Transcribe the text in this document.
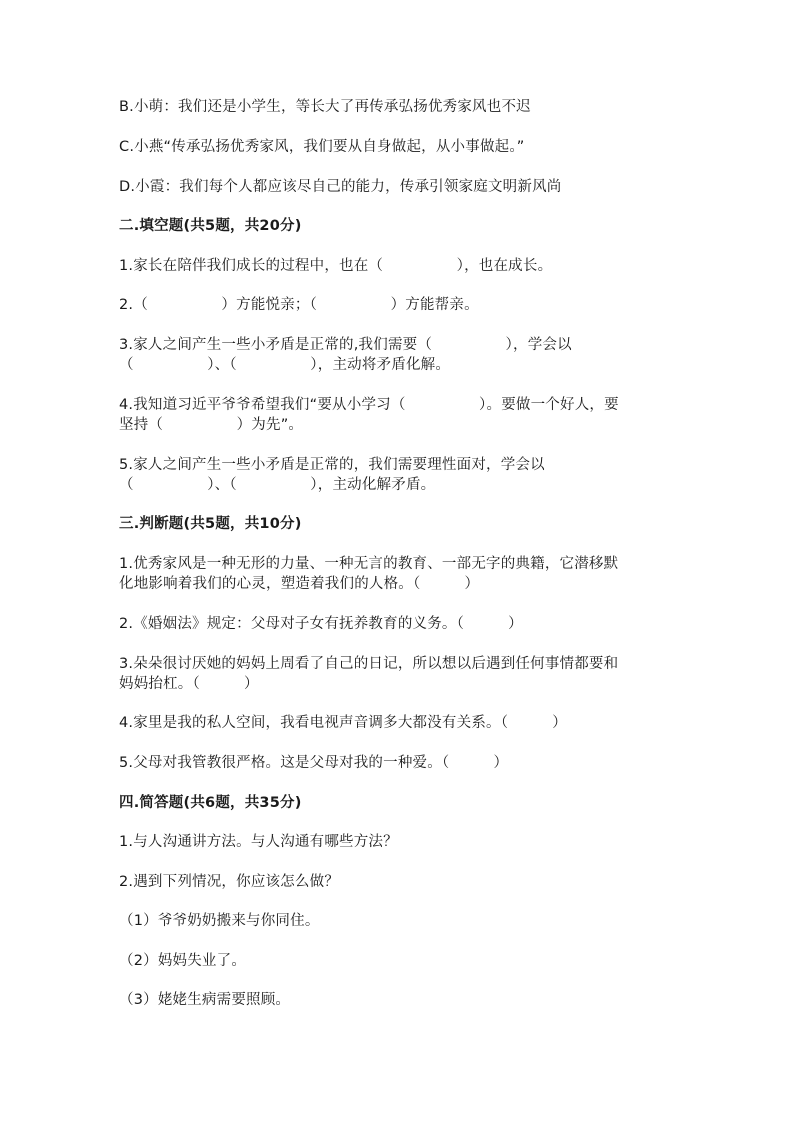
B.小萌：我们还是小学生，等长大了再传承弘扬优秀家风也不迟
C.小燕“传承弘扬优秀家风，我们要从自身做起，从小事做起。”
D.小霞：我们每个人都应该尽自己的能力，传承引领家庭文明新风尚
二.填空题(共5题，共20分)
1.家长在陪伴我们成长的过程中，也在（　　　　　），也在成长。
2.（　　　　　）方能悦亲；（　　　　　）方能帮亲。
3.家人之间产生一些小矛盾是正常的,我们需要（　　　　　），学会以
（　　　　　）、（　　　　　），主动将矛盾化解。
4.我知道习近平爷爷希望我们“要从小学习（　　　　　）。要做一个好人，要
坚持（　　　　　）为先”。
5.家人之间产生一些小矛盾是正常的，我们需要理性面对，学会以
（　　　　　）、（　　　　　），主动化解矛盾。
三.判断题(共5题，共10分)
1.优秀家风是一种无形的力量、一种无言的教育、一部无字的典籍，它潜移默
化地影响着我们的心灵，塑造着我们的人格。（　　　）
2.《婚姻法》规定：父母对子女有抚养教育的义务。（　　　）
3.朵朵很讨厌她的妈妈上周看了自己的日记，所以想以后遇到任何事情都要和
妈妈抬杠。（　　　）
4.家里是我的私人空间，我看电视声音调多大都没有关系。（　　　）
5.父母对我管教很严格。这是父母对我的一种爱。（　　　）
四.简答题(共6题，共35分)
1.与人沟通讲方法。与人沟通有哪些方法？
2.遇到下列情况，你应该怎么做？
（1）爷爷奶奶搬来与你同住。
（2）妈妈失业了。
（3）姥姥生病需要照顾。
